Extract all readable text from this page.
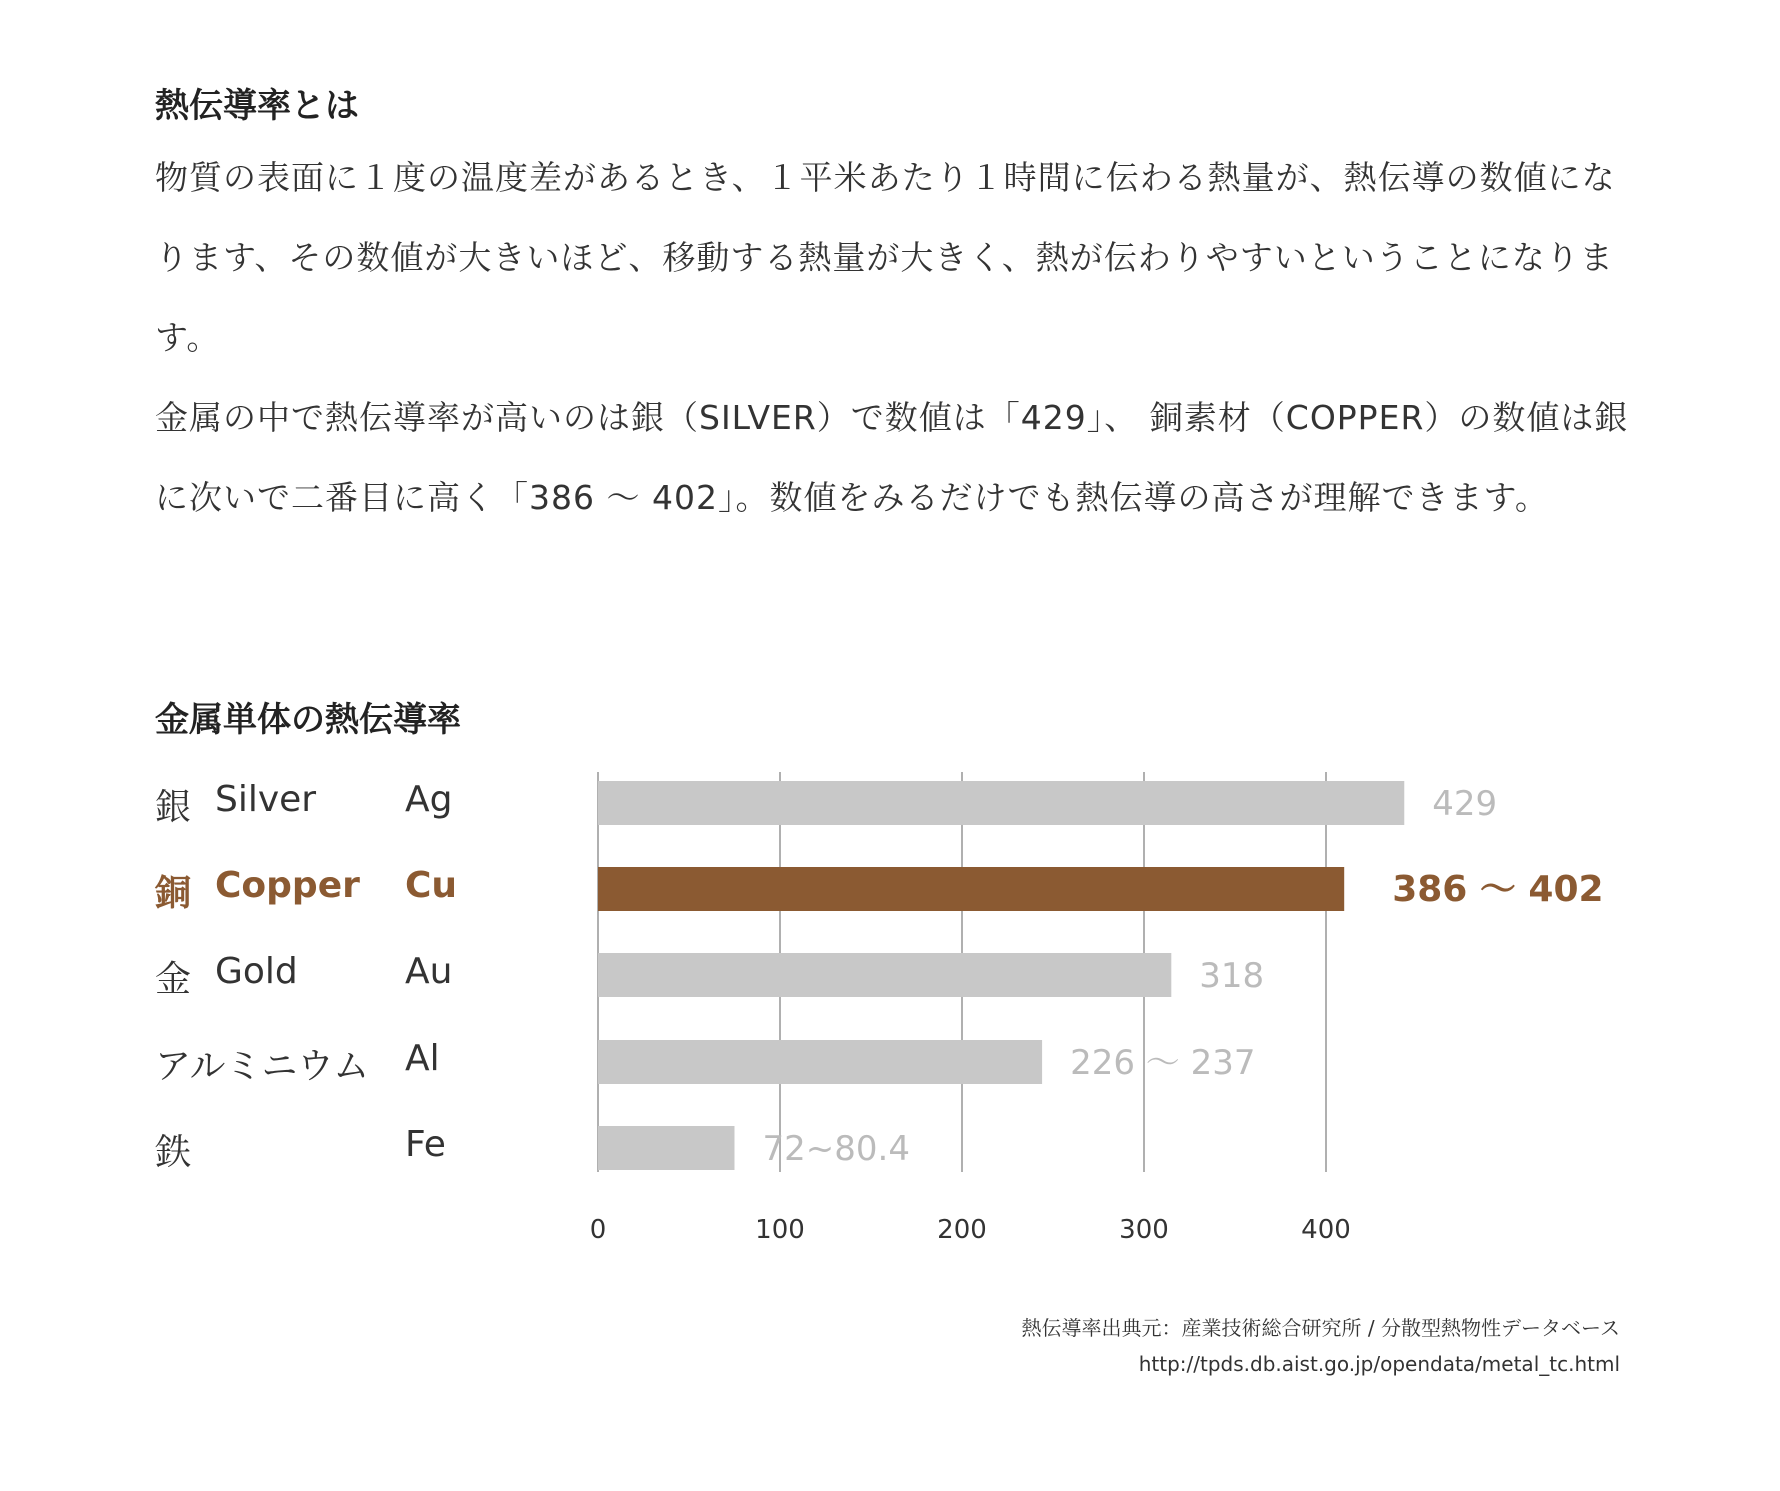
熱伝導率とは

物質の表面に１度の温度差があるとき、１平米あたり１時間に伝わる熱量が、熱伝導の数値になります、その数値が大きいほど、移動する熱量が大きく、熱が伝わりやすいということになります。

金属の中で熱伝導率が高いのは銀（SILVER）で数値は「429」、 銅素材（COPPER）の数値は銀に次いで二番目に高く「386 ～ 402」。数値をみるだけでも熱伝導の高さが理解できます。

金属単体の熱伝導率
銀 Silver Ag
銅 Copper Cu
金 Gold	Au
アルミニウム Al
鉄	Fe
0	100	200	300	400
429
386 ～ 402
318
226 ～ 237
72~80.4
熱伝導率出典元：産業技術総合研究所 / 分散型熱物性データベース
http://tpds.db.aist.go.jp/opendata/metal_tc.html
